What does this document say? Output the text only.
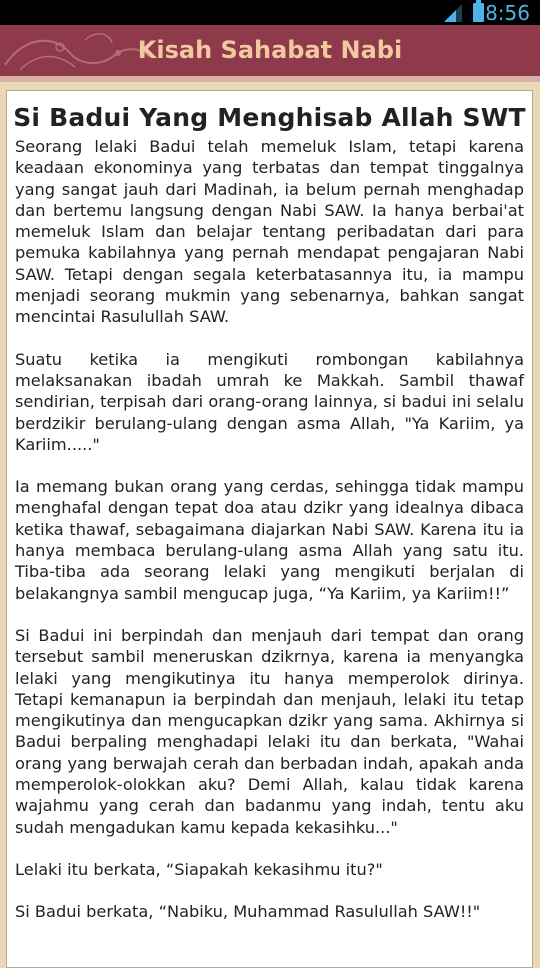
8:56
Kisah Sahabat Nabi
Si Badui Yang Menghisab Allah SWT

Seorang lelaki Badui telah memeluk Islam, tetapi karena keadaan ekonominya yang terbatas dan tempat tinggalnya yang sangat jauh dari Madinah, ia belum pernah menghadap dan bertemu langsung dengan Nabi SAW. Ia hanya berbai'at memeluk Islam dan belajar tentang peribadatan dari para pemuka kabilahnya yang pernah mendapat pengajaran Nabi SAW. Tetapi dengan segala keterbatasannya itu, ia mampu menjadi seorang mukmin yang sebenarnya, bahkan sangat mencintai Rasulullah SAW.

Suatu ketika ia mengikuti rombongan kabilahnya melaksanakan ibadah umrah ke Makkah. Sambil thawaf sendirian, terpisah dari orang-orang lainnya, si badui ini selalu berdzikir berulang-ulang dengan asma Allah, "Ya Kariim, ya Kariim....."

Ia memang bukan orang yang cerdas, sehingga tidak mampu menghafal dengan tepat doa atau dzikr yang idealnya dibaca ketika thawaf, sebagaimana diajarkan Nabi SAW. Karena itu ia hanya membaca berulang-ulang asma Allah yang satu itu. Tiba-tiba ada seorang lelaki yang mengikuti berjalan di belakangnya sambil mengucap juga, “Ya Kariim, ya Kariim!!”

Si Badui ini berpindah dan menjauh dari tempat dan orang tersebut sambil meneruskan dzikrnya, karena ia menyangka lelaki yang mengikutinya itu hanya memperolok dirinya. Tetapi kemanapun ia berpindah dan menjauh, lelaki itu tetap mengikutinya dan mengucapkan dzikr yang sama. Akhirnya si Badui berpaling menghadapi lelaki itu dan berkata, "Wahai orang yang berwajah cerah dan berbadan indah, apakah anda memperolok-olokkan aku? Demi Allah, kalau tidak karena wajahmu yang cerah dan badanmu yang indah, tentu aku sudah mengadukan kamu kepada kekasihku..."

Lelaki itu berkata, “Siapakah kekasihmu itu?"

Si Badui berkata, “Nabiku, Muhammad Rasulullah SAW!!"
